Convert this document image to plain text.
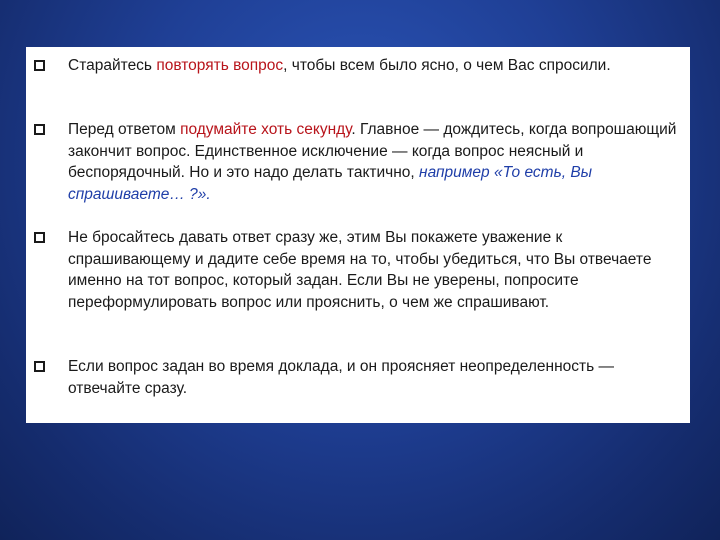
Старайтесь повторять вопрос, чтобы всем было ясно, о чем Вас спросили.
Перед ответом подумайте хоть секунду. Главное — дождитесь, когда вопрошающий закончит вопрос. Единственное исключение — когда вопрос неясный и беспорядочный. Но и это надо делать тактично, например «То есть, Вы спрашиваете… ?».
Не бросайтесь давать ответ сразу же, этим Вы покажете уважение к спрашивающему и дадите себе время на то, чтобы убедиться, что Вы отвечаете именно на тот вопрос, который задан. Если Вы не уверены, попросите переформулировать вопрос или прояснить, о чем же спрашивают.
Если вопрос задан во время доклада, и он проясняет неопределенность — отвечайте сразу.
